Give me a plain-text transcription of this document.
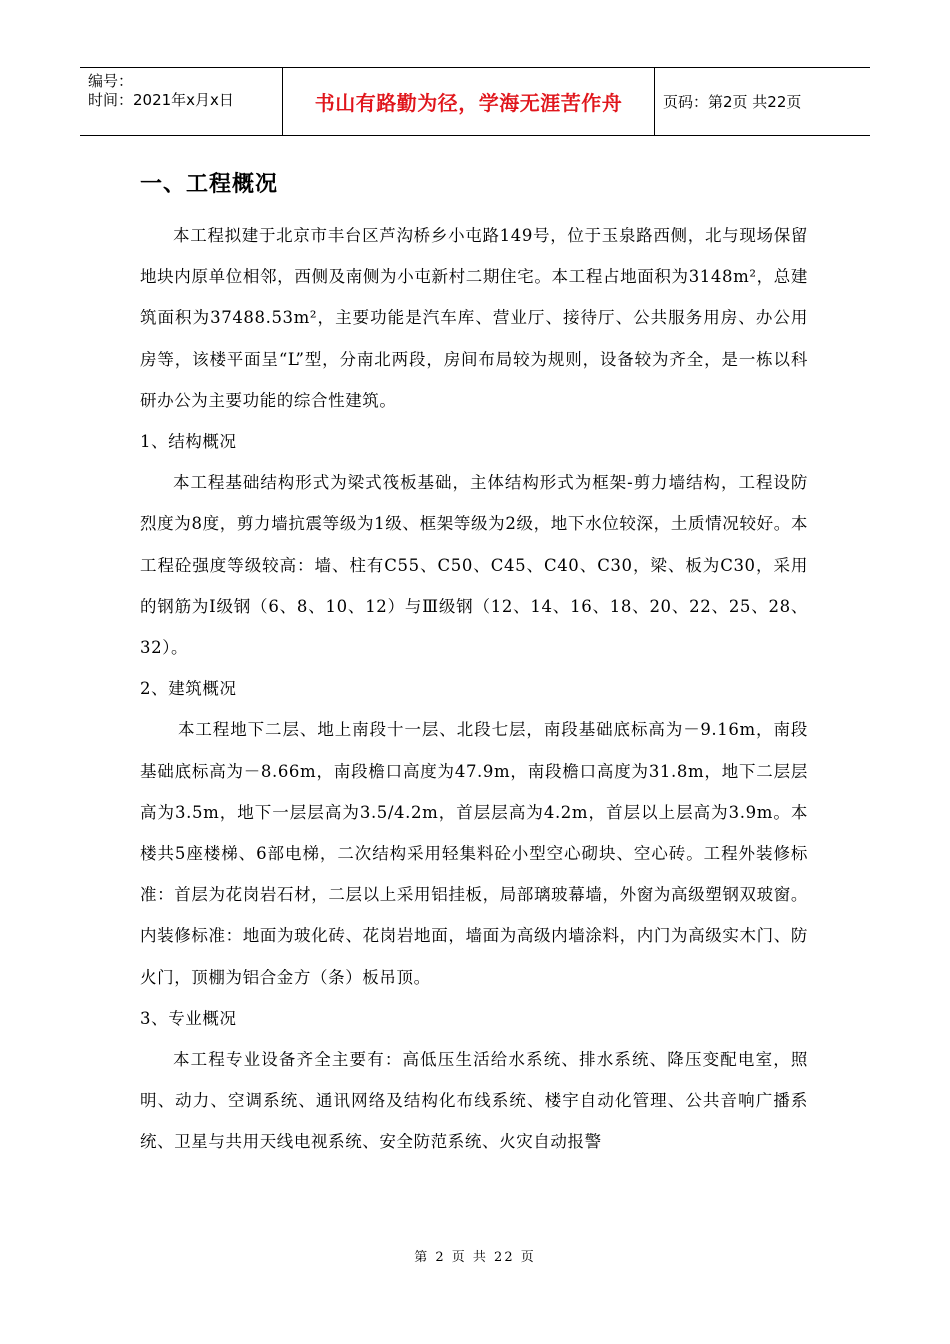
编号：
时间：2021年x月x日	书山有路勤为径，学海无涯苦作舟	页码：第2页 共22页
一、工程概况

本工程拟建于北京市丰台区芦沟桥乡小屯路149号，位于玉泉路西侧，北与现场保留地块内原单位相邻，西侧及南侧为小屯新村二期住宅。本工程占地面积为3148m²，总建筑面积为37488.53m²，主要功能是汽车库、营业厅、接待厅、公共服务用房、办公用房等，该楼平面呈“L”型，分南北两段，房间布局较为规则，设备较为齐全，是一栋以科研办公为主要功能的综合性建筑。

1、结构概况

本工程基础结构形式为梁式筏板基础，主体结构形式为框架-剪力墙结构，工程设防烈度为8度，剪力墙抗震等级为1级、框架等级为2级，地下水位较深，土质情况较好。本工程砼强度等级较高：墙、柱有C55、C50、C45、C40、C30，梁、板为C30，采用的钢筋为Ⅰ级钢（6、8、10、12）与Ⅲ级钢（12、14、16、18、20、22、25、28、32）。

2、建筑概况

本工程地下二层、地上南段十一层、北段七层，南段基础底标高为－9.16m，南段基础底标高为－8.66m，南段檐口高度为47.9m，南段檐口高度为31.8m，地下二层层高为3.5m，地下一层层高为3.5/4.2m，首层层高为4.2m，首层以上层高为3.9m。本楼共5座楼梯、6部电梯，二次结构采用轻集料砼小型空心砌块、空心砖。工程外装修标准：首层为花岗岩石材，二层以上采用铝挂板，局部璃玻幕墙，外窗为高级塑钢双玻窗。内装修标准：地面为玻化砖、花岗岩地面，墙面为高级内墙涂料，内门为高级实木门、防火门，顶棚为铝合金方（条）板吊顶。

3、专业概况

本工程专业设备齐全主要有：高低压生活给水系统、排水系统、降压变配电室，照明、动力、空调系统、通讯网络及结构化布线系统、楼宇自动化管理、公共音响广播系统、卫星与共用天线电视系统、安全防范系统、火灾自动报警

第 2 页 共 22 页
